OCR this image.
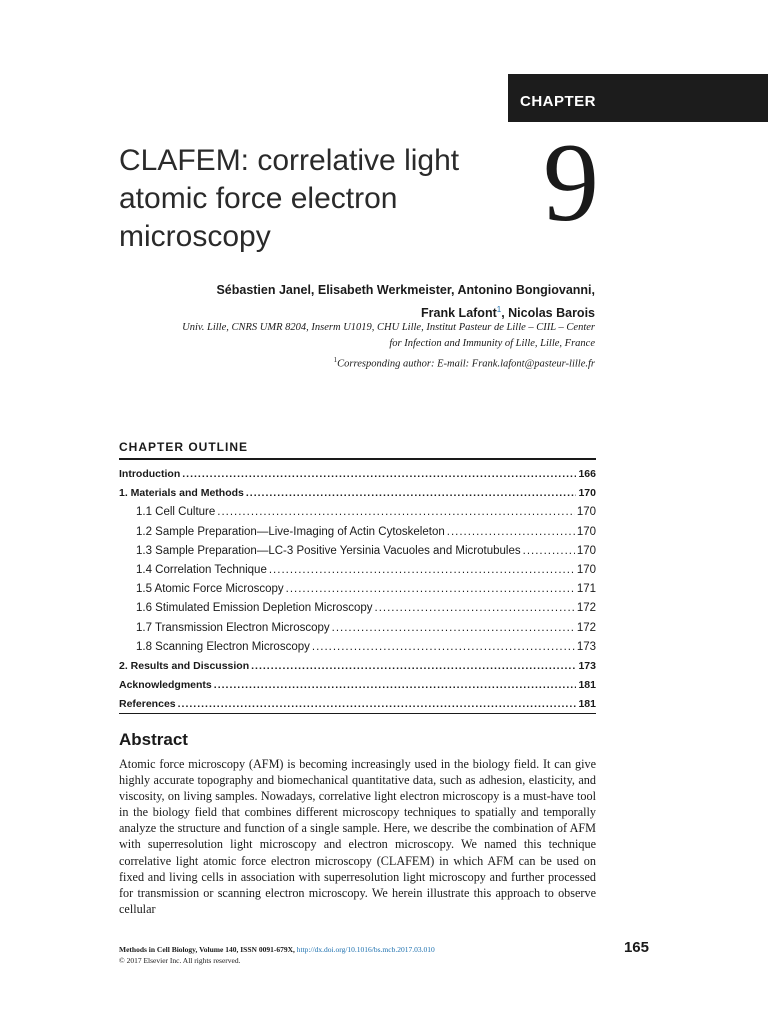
CHAPTER
CLAFEM: correlative light atomic force electron microscopy	9
Sébastien Janel, Elisabeth Werkmeister, Antonino Bongiovanni,
Frank Lafont$^1$, Nicolas Barois
Univ. Lille, CNRS UMR 8204, Inserm U1019, CHU Lille, Institut Pasteur de Lille – CIIL – Center
for Infection and Immunity of Lille, Lille, France
$^1$Corresponding author: E-mail: Frank.lafont@pasteur-lille.fr
CHAPTER OUTLINE
Introduction .....	166
1. Materials and Methods .....	170
1.1 Cell Culture .....	170
1.2 Sample Preparation—Live-Imaging of Actin Cytoskeleton .....	170
1.3 Sample Preparation—LC-3 Positive Yersinia Vacuoles and Microtubules .....	170
1.4 Correlation Technique .....	170
1.5 Atomic Force Microscopy .....	171
1.6 Stimulated Emission Depletion Microscopy .....	172
1.7 Transmission Electron Microscopy .....	172
1.8 Scanning Electron Microscopy .....	173
2. Results and Discussion .....	173
Acknowledgments .....	181
References .....	181
Abstract

Atomic force microscopy (AFM) is becoming increasingly used in the biology field. It can give highly accurate topography and biomechanical quantitative data, such as adhesion, elasticity, and viscosity, on living samples. Nowadays, correlative light electron microscopy is a must-have tool in the biology field that combines different microscopy techniques to spatially and temporally analyze the structure and function of a single sample. Here, we describe the combination of AFM with superresolution light microscopy and electron microscopy. We named this technique correlative light atomic force electron microscopy (CLAFEM) in which AFM can be used on fixed and living cells in association with superresolution light microscopy and further processed for transmission or scanning electron microscopy. We herein illustrate this approach to observe cellular

Methods in Cell Biology, Volume 140, ISSN 0091-679X, http://dx.doi.org/10.1016/bs.mcb.2017.03.010
© 2017 Elsevier Inc. All rights reserved.
165
